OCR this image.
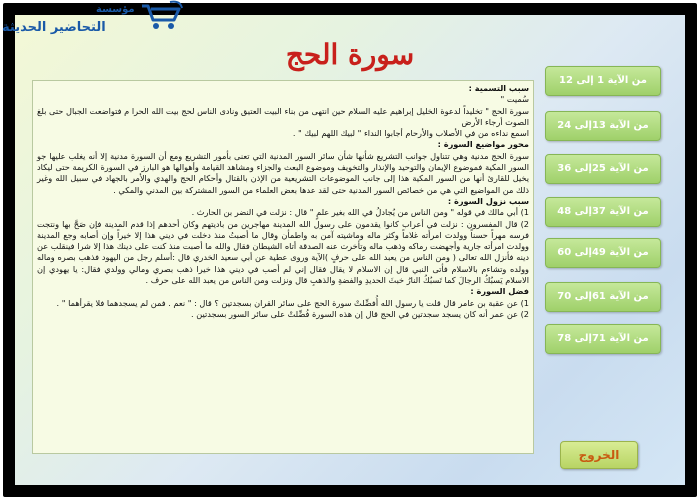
مؤسسة
التحاضير الحديثة
سورة الحج

سبب التسمية :

سُميت "

سورة الحج " تخليداً لدعوة الخليل إبراهيم عليه السلام حين انتهى من بناء البيت العتيق ونادى الناس لحج بيت الله الحرا م فتواضعت الجبال حتى بلغ الصوت أرجاء الأرض

اسمع نداءه من في الأصلاب والأرحام أجابوا النداء " لبيك اللهم لبيك " .

محور مواضيع السورة :

سورة الحج مدنية وهي تتناول جوانب التشريع شأنها شأن سائر السور المدنية التي تعنى بأمور التشريع ومع أن السورة مدنية إلا أنه يغلب عليها جو السور المكية فموضوع الإيمان والتوحيد والإنذار والتخويف وموضوع البعث والجزاء ومشاهد القيامة وأهوالها هو البارز في السورة الكريمة حتى ليكاد يخيل للقارئ أنها من السور المكية هذا إلى جانب الموضوعات التشريعية من الإذن بالقتال وأحكام الحج والهدي والأمر بالجهاد في سبيل الله وغير ذلك من المواضيع التي هي من خصائص السور المدنية حتى لقد عدها بعض العلماء من السور المشتركة بين المدني والمكي .

سبب نزول السورة :

1) أبي مالك في قوله " ومن الناس من يُجادلُ في الله بغير علمٍ " قال : نزلت في النضر بن الحارث .

2) قال المفسرون : نزلت في أعراب كانوا يقدمون على رسول الله المدينة مهاجرين من باديتهم وكان أحدهم إذا قدم المدينة فإن صَحَّ بها ونتجت فرسه مهراً حسناً وولدت امرأته غلاماً وكثر ماله وماشيته آمن به واطمأن وقال ما أصبتُ منذ دخلت في ديني هذا إلا خيراً وإن أصابه وجع المدينة وولدت امرأته جارية وأجهضت رماكه وذهب ماله وتأخرت عنه الصدقة أتاه الشيطان فقال والله ما أصبت منذ كنت على دينك هذا إلا شرا فينقلب عن دينه فأنزل الله تعالى ( ومن الناس من يعبد الله على حرفٍ )الآية وروى عطية عن أبي سعيد الخدري قال :أسلم رجل من اليهود فذهب بصره وماله وولده وتشاءم بالاسلام فأتى النبي قال إن الاسلام لا يقال فقال إني لم أصب في ديني هذا خيرا ذهب بصري ومالي وولدي فقال: يا يهودي إن الاسلام يَسبُكُ الرجالَ كما تَسبُكُ النارُ خبثَ الحديدِ والفضةِ والذهبِ قال ونزلت ومن الناس من يعبد الله على حرف .

فضل السورة :

1) عن عقبة بن عامر قال قلت يا رسول الله أُفضِّلتْ سورة الحج على سائر القران بسجدتين ؟ قال : " نعم . فمن لم يسجدهما فلا يقرأهما " .

2) عن عمر أنه كان يسجد سجدتين في الحج قال إن هذه السورة فُضِّلتْ على سائر السور بسجدتين .

من الآية 1 إلى 12
من الآية 13إلى 24
من الآية 25إلى 36
من الآية 37إلى 48
من الآية 49إلى 60
من الآية 61إلى 70
من الآية 71إلى 78
الخروج
